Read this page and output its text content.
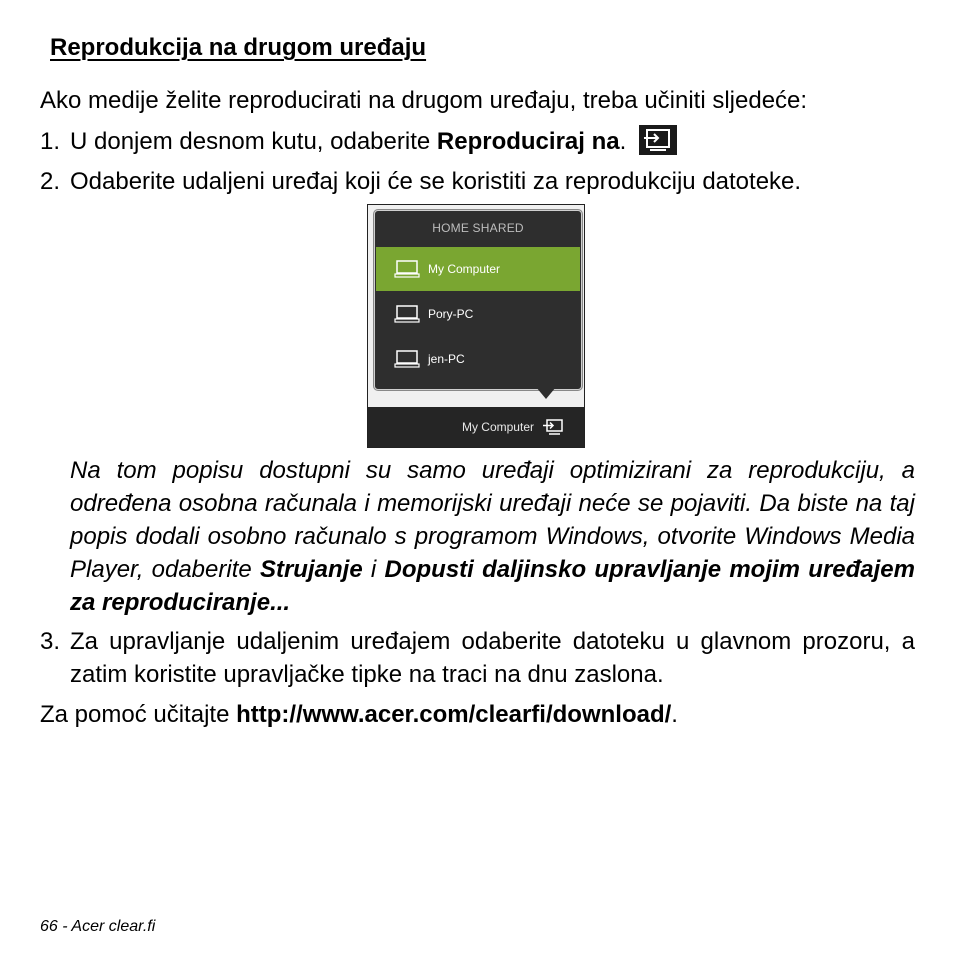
Reprodukcija na drugom uređaju
Ako medije želite reproducirati na drugom uređaju, treba učiniti sljedeće:
1. U donjem desnom kutu, odaberite Reproduciraj na.
2. Odaberite udaljeni uređaj koji će se koristiti za reprodukciju datoteke.
HOME SHARED
My Computer
Pory-PC
jen-PC
My Computer
Na tom popisu dostupni su samo uređaji optimizirani za reprodukciju, a određena osobna računala i memorijski uređaji neće se pojaviti. Da biste na taj popis dodali osobno računalo s programom Windows, otvorite Windows Media Player, odaberite Strujanje i Dopusti daljinsko upravljanje mojim uređajem za reproduciranje...
3. Za upravljanje udaljenim uređajem odaberite datoteku u glavnom prozoru, a zatim koristite upravljačke tipke na traci na dnu zaslona.
Za pomoć učitajte http://www.acer.com/clearfi/download/.
66 - Acer clear.fi
